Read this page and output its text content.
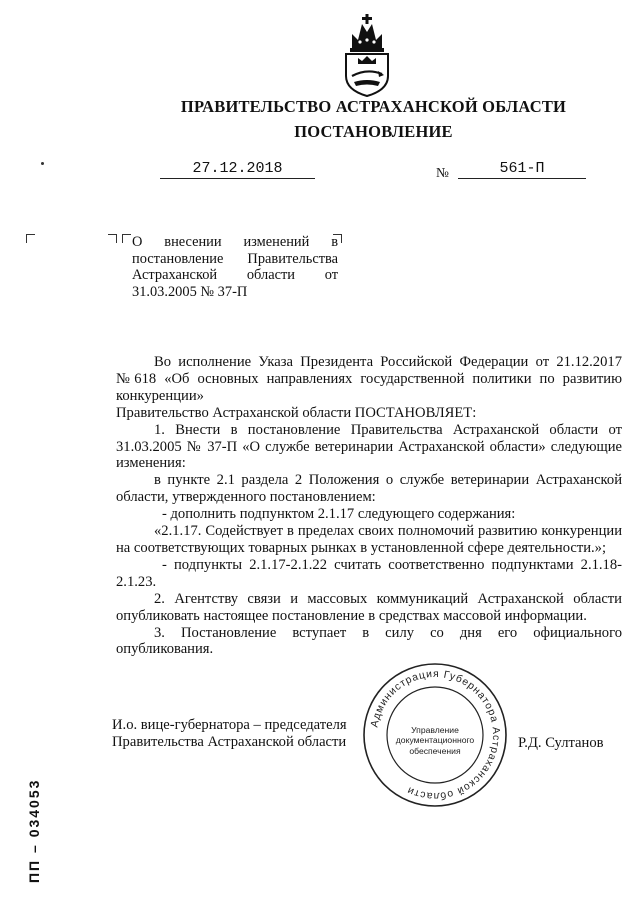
ПРАВИТЕЛЬСТВО АСТРАХАНСКОЙ ОБЛАСТИ
ПОСТАНОВЛЕНИЕ
27.12.2018	№	561-П
О внесении изменений в
постановление Правительства
Астраханской области от
31.03.2005 № 37-П

Во исполнение Указа Президента Российской Федерации от 21.12.2017 №618 «Об основных направлениях государственной политики по развитию конкуренции»

Правительство Астраханской области ПОСТАНОВЛЯЕТ:

1. Внести в постановление Правительства Астраханской области от 31.03.2005 № 37-П «О службе ветеринарии Астраханской области» следующие изменения:

в пункте 2.1 раздела 2 Положения о службе ветеринарии Астраханской области, утвержденного постановлением:

- дополнить подпунктом 2.1.17 следующего содержания:

«2.1.17. Содействует в пределах своих полномочий развитию конкуренции на соответствующих товарных рынках в установленной сфере деятельности.»;

- подпункты 2.1.17-2.1.22 считать соответственно подпунктами 2.1.18-2.1.23.

2. Агентству связи и массовых коммуникаций Астраханской области опубликовать настоящее постановление в средствах массовой информации.

3. Постановление вступает в силу со дня его официального опубликования.

И.о. вице-губернатора – председателя
Правительства Астраханской области
Администрация Губернатора Астраханской области
Управление
документационного
обеспечения	Р.Д. Султанов
ПП – 034053
